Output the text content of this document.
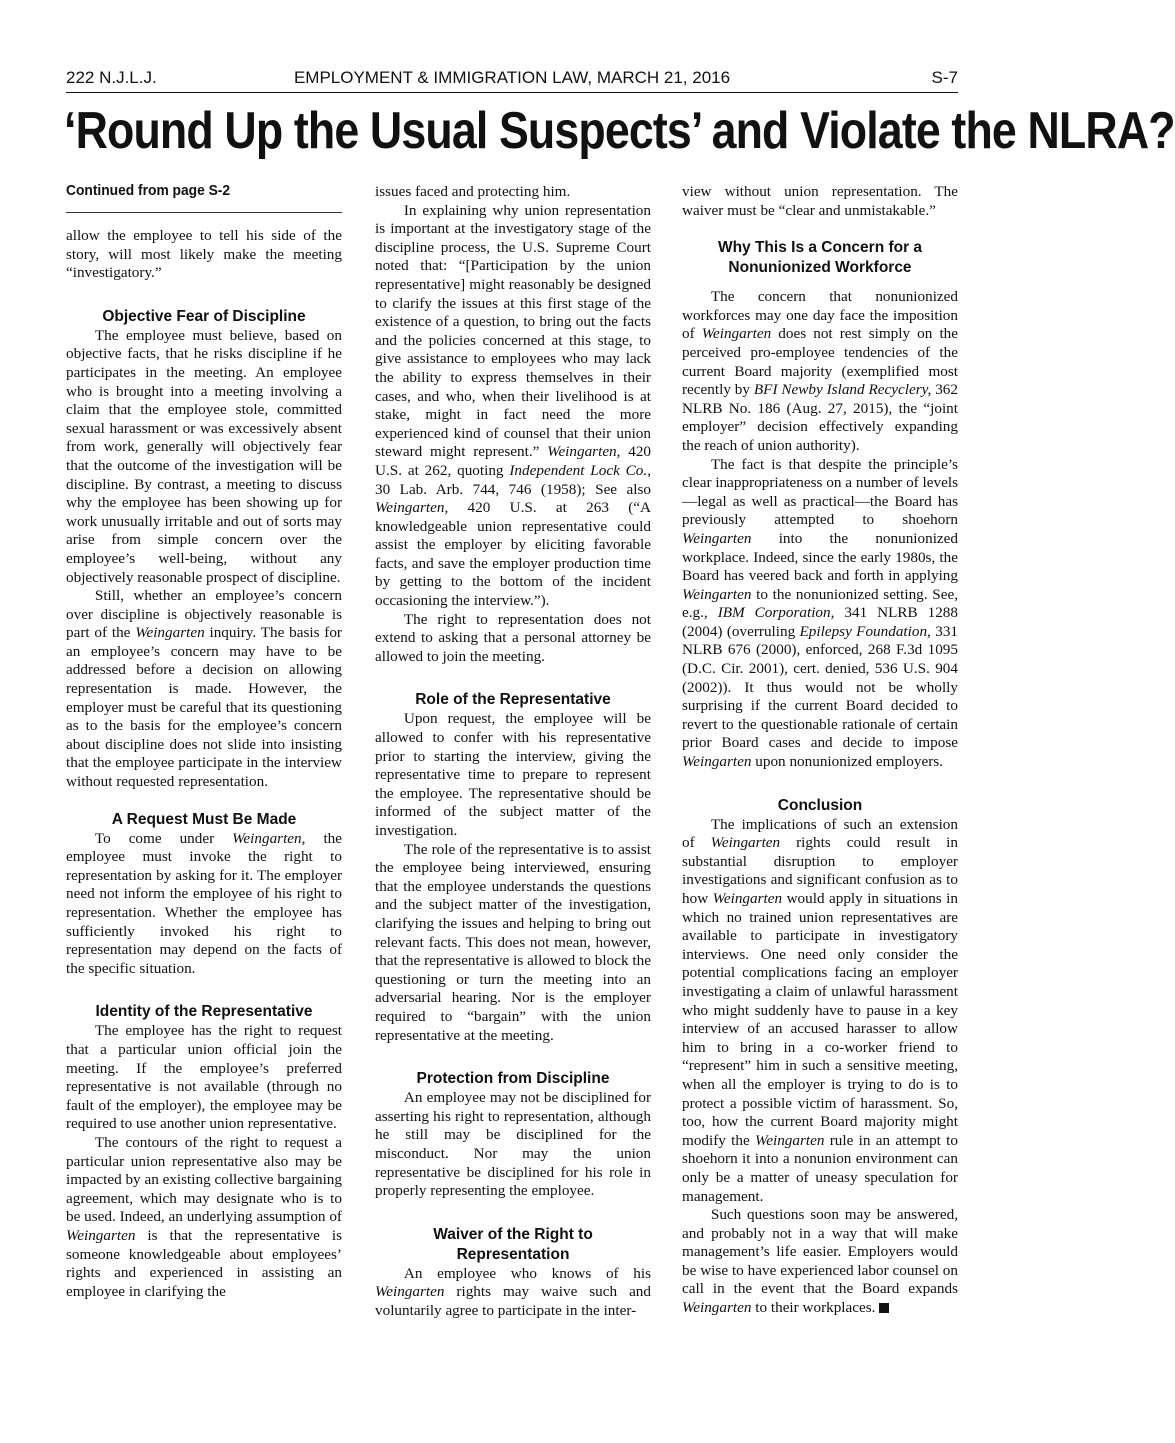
222 N.J.L.J.	EMPLOYMENT & IMMIGRATION LAW, MARCH 21, 2016	S-7
‘Round Up the Usual Suspects’ and Violate the NLRA?
Continued from page S-2

allow the employee to tell his side of the story, will most likely make the meeting “investigatory.”

Objective Fear of Discipline

The employee must believe, based on objective facts, that he risks discipline if he participates in the meeting. An employee who is brought into a meeting involving a claim that the employee stole, committed sexual harassment or was excessively absent from work, generally will objectively fear that the outcome of the investigation will be discipline. By contrast, a meeting to discuss why the employee has been showing up for work unusually irritable and out of sorts may arise from simple concern over the employee’s well-being, without any objectively reasonable prospect of discipline.

Still, whether an employee’s concern over discipline is objectively reasonable is part of the Weingarten inquiry. The basis for an employee’s concern may have to be addressed before a decision on allowing representation is made. However, the employer must be careful that its questioning as to the basis for the employee’s concern about discipline does not slide into insisting that the employee participate in the interview without requested representation.

A Request Must Be Made

To come under Weingarten, the employee must invoke the right to representation by asking for it. The employer need not inform the employee of his right to representation. Whether the employee has sufficiently invoked his right to representation may depend on the facts of the specific situation.

Identity of the Representative

The employee has the right to request that a particular union official join the meeting. If the employee’s preferred representative is not available (through no fault of the employer), the employee may be required to use another union representative.

The contours of the right to request a particular union representative also may be impacted by an existing collective bargaining agreement, which may designate who is to be used. Indeed, an underlying assumption of Weingarten is that the representative is someone knowledgeable about employees’ rights and experienced in assisting an employee in clarifying the

issues faced and protecting him.

In explaining why union representation is important at the investigatory stage of the discipline process, the U.S. Supreme Court noted that: “[Participation by the union representative] might reasonably be designed to clarify the issues at this first stage of the existence of a question, to bring out the facts and the policies concerned at this stage, to give assistance to employees who may lack the ability to express themselves in their cases, and who, when their livelihood is at stake, might in fact need the more experienced kind of counsel that their union steward might represent.” Weingarten, 420 U.S. at 262, quoting Independent Lock Co., 30 Lab. Arb. 744, 746 (1958); See also Weingarten, 420 U.S. at 263 (“A knowledgeable union representative could assist the employer by eliciting favorable facts, and save the employer production time by getting to the bottom of the incident occasioning the interview.”).

The right to representation does not extend to asking that a personal attorney be allowed to join the meeting.

Role of the Representative

Upon request, the employee will be allowed to confer with his representative prior to starting the interview, giving the representative time to prepare to represent the employee. The representative should be informed of the subject matter of the investigation.

The role of the representative is to assist the employee being interviewed, ensuring that the employee understands the questions and the subject matter of the investigation, clarifying the issues and helping to bring out relevant facts. This does not mean, however, that the representative is allowed to block the questioning or turn the meeting into an adversarial hearing. Nor is the employer required to “bargain” with the union representative at the meeting.

Protection from Discipline

An employee may not be disciplined for asserting his right to representation, although he still may be disciplined for the misconduct. Nor may the union representative be disciplined for his role in properly representing the employee.

Waiver of the Right to Representation

An employee who knows of his Weingarten rights may waive such and voluntarily agree to participate in the inter-

view without union representation. The waiver must be “clear and unmistakable.”

Why This Is a Concern for a Nonunionized Workforce

The concern that nonunionized workforces may one day face the imposition of Weingarten does not rest simply on the perceived pro-employee tendencies of the current Board majority (exemplified most recently by BFI Newby Island Recyclery, 362 NLRB No. 186 (Aug. 27, 2015), the “joint employer” decision effectively expanding the reach of union authority).

The fact is that despite the principle’s clear inappropriateness on a number of levels—legal as well as practical—the Board has previously attempted to shoehorn Weingarten into the nonunionized workplace. Indeed, since the early 1980s, the Board has veered back and forth in applying Weingarten to the nonunionized setting. See, e.g., IBM Corporation, 341 NLRB 1288 (2004) (overruling Epilepsy Foundation, 331 NLRB 676 (2000), enforced, 268 F.3d 1095 (D.C. Cir. 2001), cert. denied, 536 U.S. 904 (2002)). It thus would not be wholly surprising if the current Board decided to revert to the questionable rationale of certain prior Board cases and decide to impose Weingarten upon nonunionized employers.

Conclusion

The implications of such an extension of Weingarten rights could result in substantial disruption to employer investigations and significant confusion as to how Weingarten would apply in situations in which no trained union representatives are available to participate in investigatory interviews. One need only consider the potential complications facing an employer investigating a claim of unlawful harassment who might suddenly have to pause in a key interview of an accused harasser to allow him to bring in a co-worker friend to “represent” him in such a sensitive meeting, when all the employer is trying to do is to protect a possible victim of harassment. So, too, how the current Board majority might modify the Weingarten rule in an attempt to shoehorn it into a nonunion environment can only be a matter of uneasy speculation for management.

Such questions soon may be answered, and probably not in a way that will make management’s life easier. Employers would be wise to have experienced labor counsel on call in the event that the Board expands Weingarten to their workplaces.
